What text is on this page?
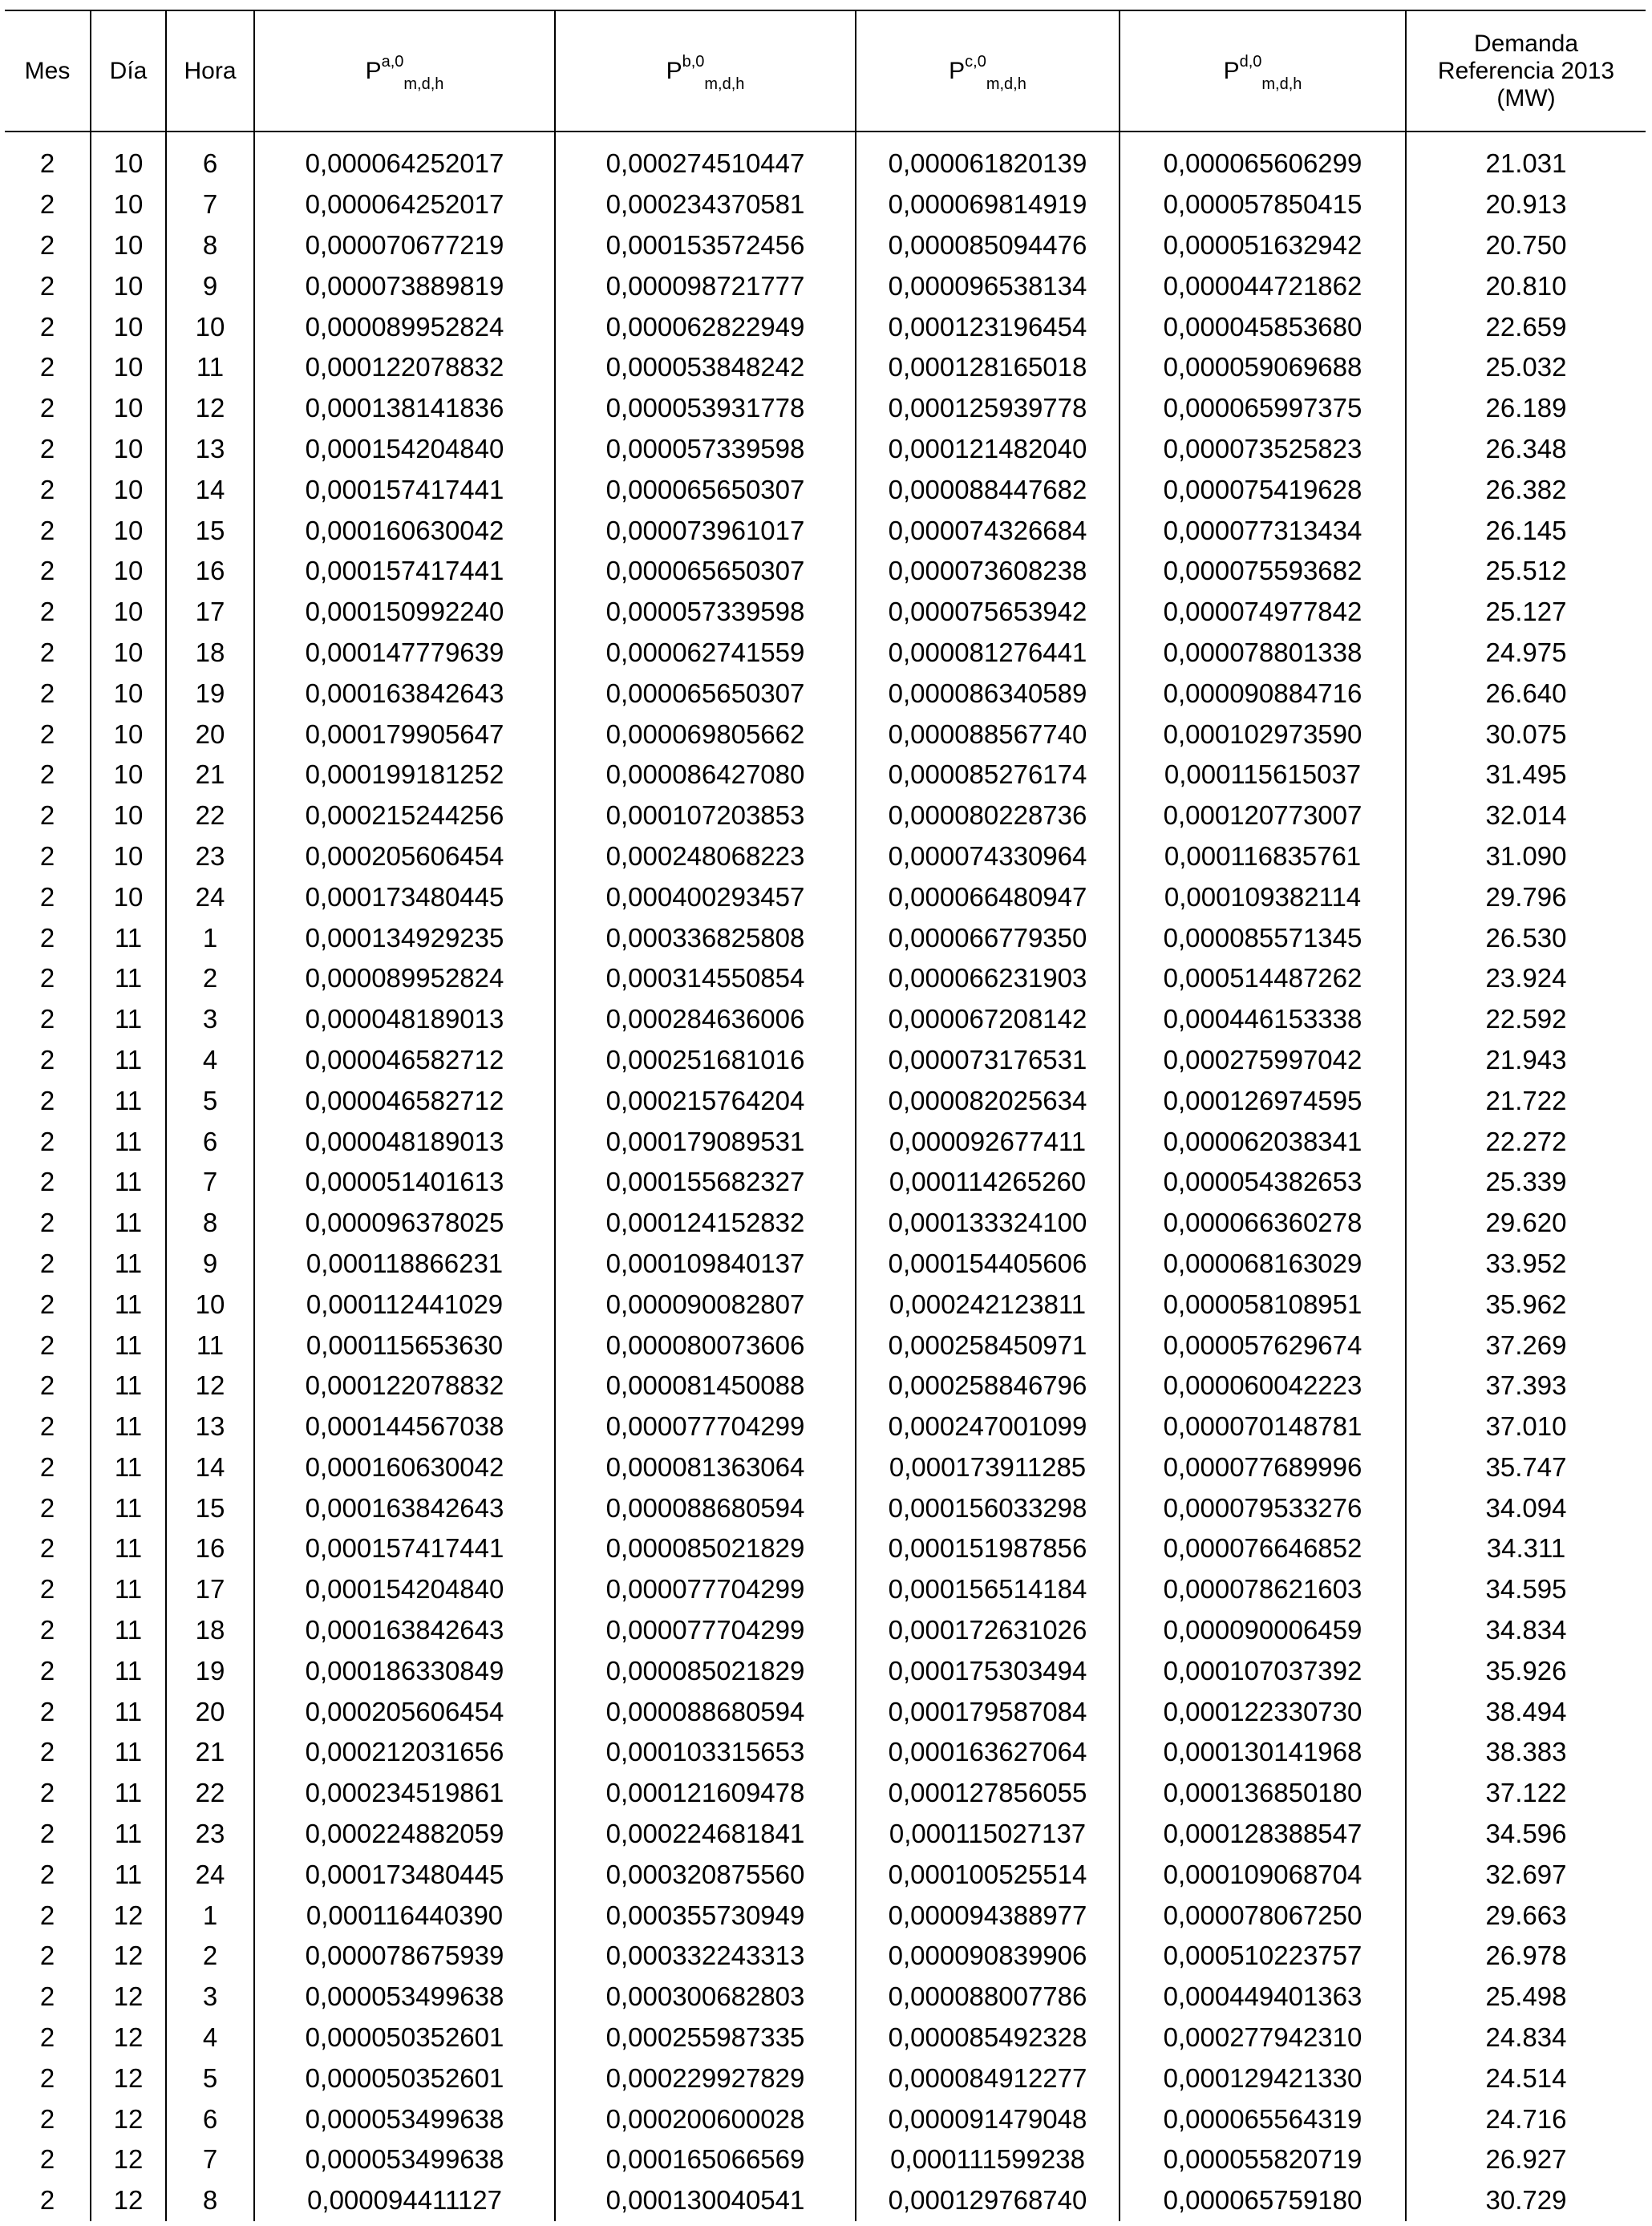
Mes	Día	Hora	P$^{a,0}_{m,d,h}$	P$^{b,0}_{m,d,h}$	P$^{c,0}_{m,d,h}$	P$^{d,0}_{m,d,h}$	Demanda
Referencia 2013
(MW)
2	10	6	0,000064252017	0,000274510447	0,000061820139	0,000065606299	21.031
2	10	7	0,000064252017	0,000234370581	0,000069814919	0,000057850415	20.913
2	10	8	0,000070677219	0,000153572456	0,000085094476	0,000051632942	20.750
2	10	9	0,000073889819	0,000098721777	0,000096538134	0,000044721862	20.810
2	10	10	0,000089952824	0,000062822949	0,000123196454	0,000045853680	22.659
2	10	11	0,000122078832	0,000053848242	0,000128165018	0,000059069688	25.032
2	10	12	0,000138141836	0,000053931778	0,000125939778	0,000065997375	26.189
2	10	13	0,000154204840	0,000057339598	0,000121482040	0,000073525823	26.348
2	10	14	0,000157417441	0,000065650307	0,000088447682	0,000075419628	26.382
2	10	15	0,000160630042	0,000073961017	0,000074326684	0,000077313434	26.145
2	10	16	0,000157417441	0,000065650307	0,000073608238	0,000075593682	25.512
2	10	17	0,000150992240	0,000057339598	0,000075653942	0,000074977842	25.127
2	10	18	0,000147779639	0,000062741559	0,000081276441	0,000078801338	24.975
2	10	19	0,000163842643	0,000065650307	0,000086340589	0,000090884716	26.640
2	10	20	0,000179905647	0,000069805662	0,000088567740	0,000102973590	30.075
2	10	21	0,000199181252	0,000086427080	0,000085276174	0,000115615037	31.495
2	10	22	0,000215244256	0,000107203853	0,000080228736	0,000120773007	32.014
2	10	23	0,000205606454	0,000248068223	0,000074330964	0,000116835761	31.090
2	10	24	0,000173480445	0,000400293457	0,000066480947	0,000109382114	29.796
2	11	1	0,000134929235	0,000336825808	0,000066779350	0,000085571345	26.530
2	11	2	0,000089952824	0,000314550854	0,000066231903	0,000514487262	23.924
2	11	3	0,000048189013	0,000284636006	0,000067208142	0,000446153338	22.592
2	11	4	0,000046582712	0,000251681016	0,000073176531	0,000275997042	21.943
2	11	5	0,000046582712	0,000215764204	0,000082025634	0,000126974595	21.722
2	11	6	0,000048189013	0,000179089531	0,000092677411	0,000062038341	22.272
2	11	7	0,000051401613	0,000155682327	0,000114265260	0,000054382653	25.339
2	11	8	0,000096378025	0,000124152832	0,000133324100	0,000066360278	29.620
2	11	9	0,000118866231	0,000109840137	0,000154405606	0,000068163029	33.952
2	11	10	0,000112441029	0,000090082807	0,000242123811	0,000058108951	35.962
2	11	11	0,000115653630	0,000080073606	0,000258450971	0,000057629674	37.269
2	11	12	0,000122078832	0,000081450088	0,000258846796	0,000060042223	37.393
2	11	13	0,000144567038	0,000077704299	0,000247001099	0,000070148781	37.010
2	11	14	0,000160630042	0,000081363064	0,000173911285	0,000077689996	35.747
2	11	15	0,000163842643	0,000088680594	0,000156033298	0,000079533276	34.094
2	11	16	0,000157417441	0,000085021829	0,000151987856	0,000076646852	34.311
2	11	17	0,000154204840	0,000077704299	0,000156514184	0,000078621603	34.595
2	11	18	0,000163842643	0,000077704299	0,000172631026	0,000090006459	34.834
2	11	19	0,000186330849	0,000085021829	0,000175303494	0,000107037392	35.926
2	11	20	0,000205606454	0,000088680594	0,000179587084	0,000122330730	38.494
2	11	21	0,000212031656	0,000103315653	0,000163627064	0,000130141968	38.383
2	11	22	0,000234519861	0,000121609478	0,000127856055	0,000136850180	37.122
2	11	23	0,000224882059	0,000224681841	0,000115027137	0,000128388547	34.596
2	11	24	0,000173480445	0,000320875560	0,000100525514	0,000109068704	32.697
2	12	1	0,000116440390	0,000355730949	0,000094388977	0,000078067250	29.663
2	12	2	0,000078675939	0,000332243313	0,000090839906	0,000510223757	26.978
2	12	3	0,000053499638	0,000300682803	0,000088007786	0,000449401363	25.498
2	12	4	0,000050352601	0,000255987335	0,000085492328	0,000277942310	24.834
2	12	5	0,000050352601	0,000229927829	0,000084912277	0,000129421330	24.514
2	12	6	0,000053499638	0,000200600028	0,000091479048	0,000065564319	24.716
2	12	7	0,000053499638	0,000165066569	0,000111599238	0,000055820719	26.927
2	12	8	0,000094411127	0,000130040541	0,000129768740	0,000065759180	30.729
